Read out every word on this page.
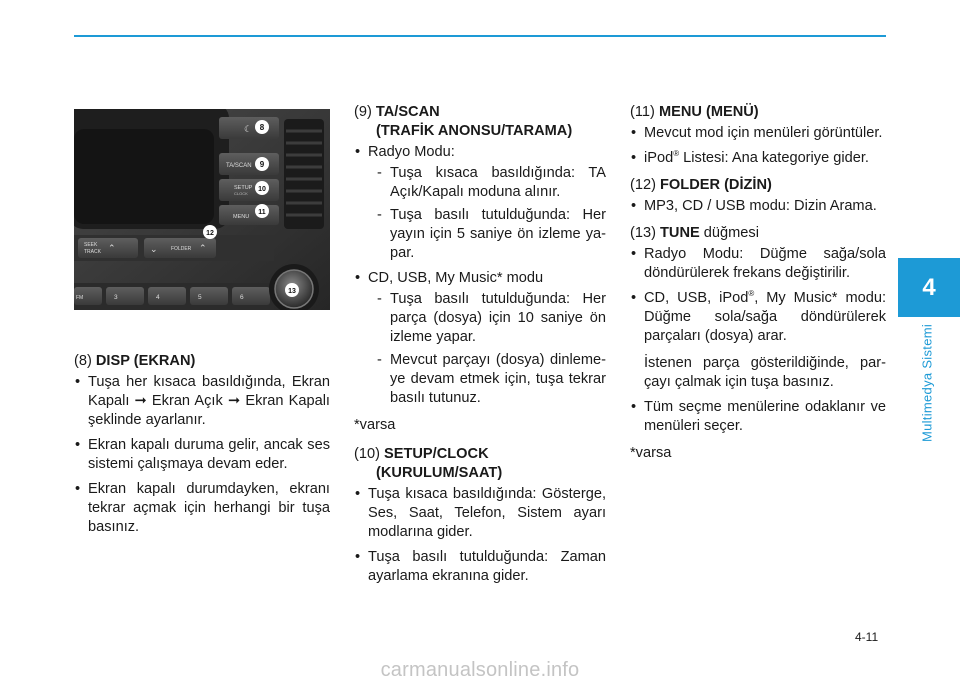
4
Multimedya Sistemi
☾
TA/SCAN
SETUP
CLOCK
MENU
SEEK
TRACK ⌃	⌄	FOLDER ⌃
FM	3	4	5	6
8
9
10
11
12
13

(8) DISP (EKRAN)

• Tuşa her kısaca basıldığında, Ekran Kapalı ➞ Ekran Açık ➞ Ekran Kapalı şeklinde ayarlanır.
• Ekran kapalı duruma gelir, ancak ses sistemi çalışmaya devam eder.
• Ekran kapalı durumdayken, ekranı tekrar açmak için herhangi bir tuşa basınız.

(9) TA/SCAN
(TRAFİK ANONSU/TARAMA)

• Radyo Modu:
- Tuşa kısaca basıldığında: TA Açık/Kapalı moduna alınır.
- Tuşa basılı tutulduğunda: Her yayın için 5 saniye ön izleme yapar.
• CD, USB, My Music* modu
- Tuşa basılı tutulduğunda: Her parça (dosya) için 10 saniye ön izleme yapar.
- Mevcut parçayı (dosya) dinlemeye devam etmek için, tuşa tekrar basılı tutunuz.

*varsa

(10) SETUP/CLOCK
(KURULUM/SAAT)

• Tuşa kısaca basıldığında: Gösterge, Ses, Saat, Telefon, Sistem ayarı modlarına gider.
• Tuşa basılı tutulduğunda: Zaman ayarlama ekranına gider.

(11) MENU (MENÜ)

• Mevcut mod için menüleri görüntüler.
• iPod® Listesi: Ana kategoriye gider.

(12) FOLDER (DİZİN)

• MP3, CD / USB modu: Dizin Arama.

(13) TUNE düğmesi

• Radyo Modu: Düğme sağa/sola döndürülerek frekans değiştirilir.
• CD, USB, iPod®, My Music* modu: Düğme sola/sağa döndürülerek parçaları (dosya) arar.

İstenen parça gösterildiğinde, parçayı çalmak için tuşa basınız.

• Tüm seçme menülerine odaklanır ve menüleri seçer.

*varsa

4-11
carmanualsonline.info
